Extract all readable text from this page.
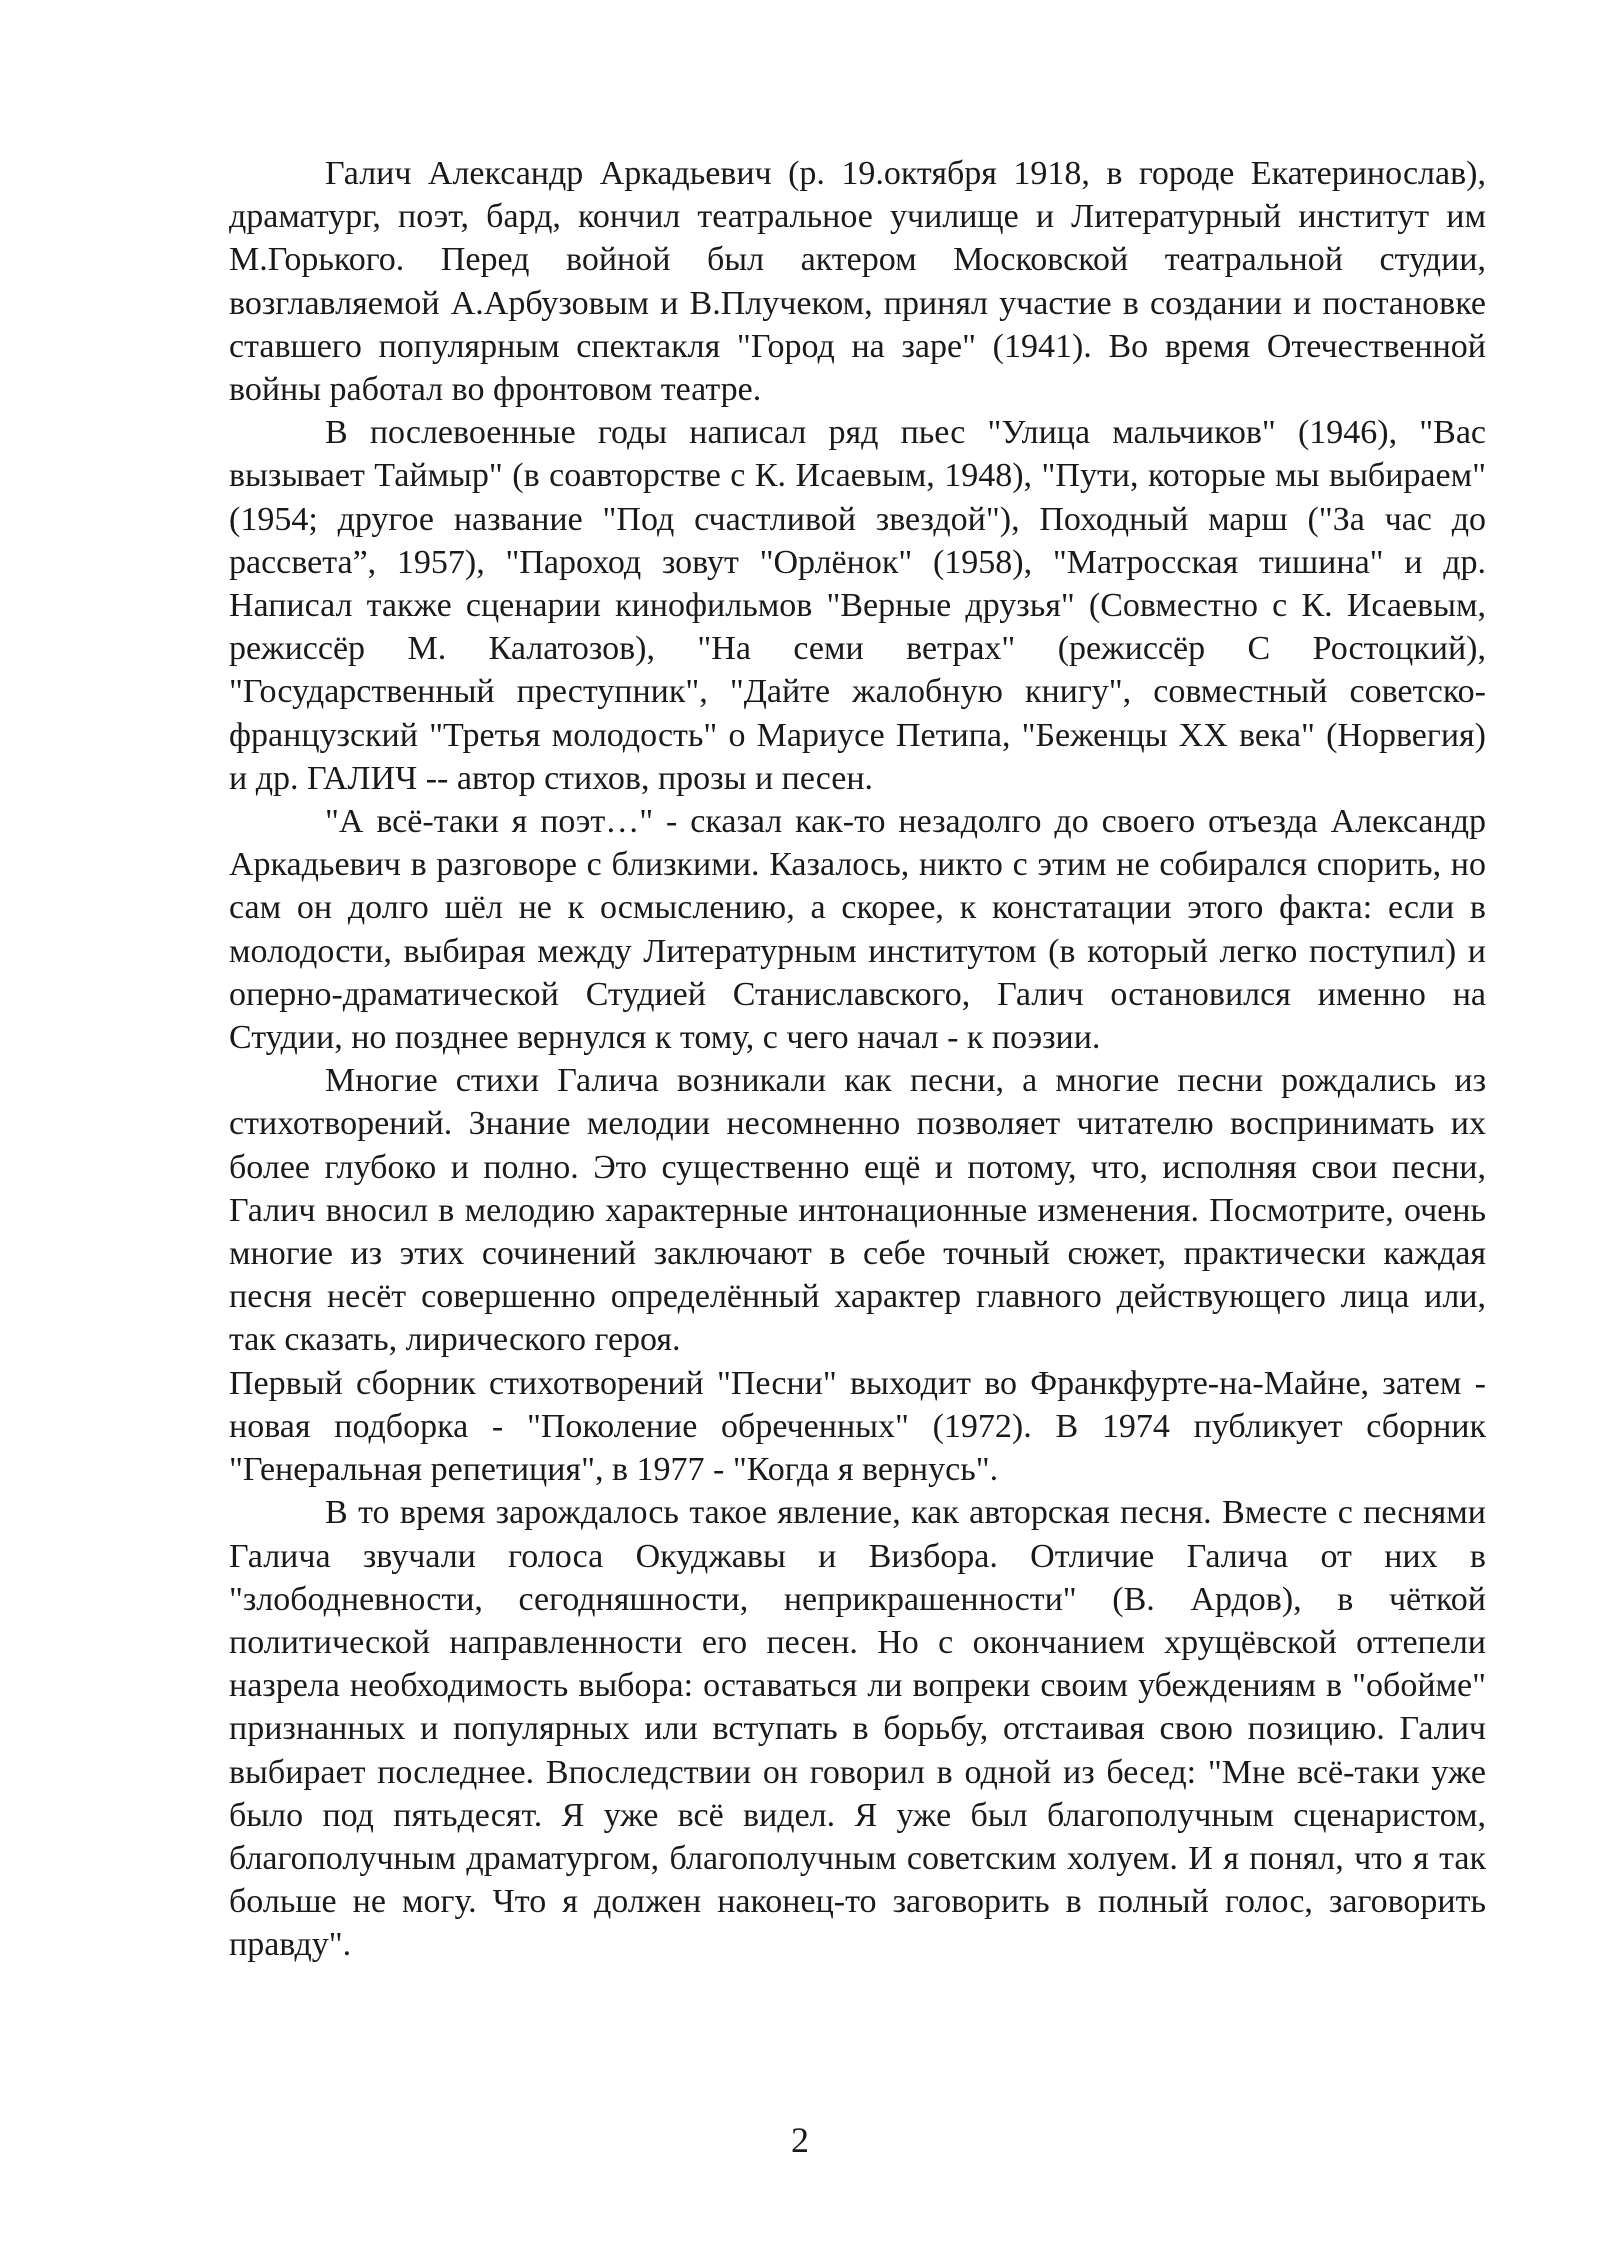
Галич Александр Аркадьевич (р. 19.октября 1918, в городе Екатеринослав), драматург, поэт, бард, кончил театральное училище и Литературный институт им М.Горького. Перед войной был актером Московской театральной студии, возглавляемой А.Арбузовым и В.Плучеком, принял участие в создании и постановке ставшего популярным спектакля "Город на заре" (1941). Во время Отечественной войны работал во фронтовом театре.

В послевоенные годы написал ряд пьес "Улица мальчиков" (1946), "Вас вызывает Таймыр" (в соавторстве с К. Исаевым, 1948), "Пути, которые мы выбираем"(1954; другое название "Под счастливой звездой"), Походный марш ("За час до рассвета”, 1957), "Пароход зовут "Орлёнок" (1958), "Матросская тишина" и др. Написал также сценарии кинофильмов "Верные друзья" (Совместно с К. Исаевым, режиссёр М. Калатозов), "На семи ветрах" (режиссёр С Ростоцкий), "Государственный преступник", "Дайте жалобную книгу", совместный советско-французский "Третья молодость" о Мариусе Петипа, "Беженцы XX века" (Норвегия) и др. ГАЛИЧ -- автор стихов, прозы и песен.

"А всё-таки я поэт…" - сказал как-то незадолго до своего отъезда Александр Аркадьевич в разговоре с близкими. Казалось, никто с этим не собирался спорить, но сам он долго шёл не к осмыслению, а скорее, к констатации этого факта: если в молодости, выбирая между Литературным институтом (в который легко поступил) и оперно-драматической Студией Станиславского, Галич остановился именно на Студии, но позднее вернулся к тому, с чего начал - к поэзии.

Многие стихи Галича возникали как песни, а многие песни рождались из стихотворений. Знание мелодии несомненно позволяет читателю воспринимать их более глубоко и полно. Это существенно ещё и потому, что, исполняя свои песни, Галич вносил в мелодию характерные интонационные изменения. Посмотрите, очень многие из этих сочинений заключают в себе точный сюжет, практически каждая песня несёт совершенно определённый характер главного действующего лица или, так сказать, лирического героя.

Первый сборник стихотворений "Песни" выходит во Франкфурте-на-Майне, затем - новая подборка - "Поколение обреченных" (1972). В 1974 публикует сборник "Генеральная репетиция", в 1977 - "Когда я вернусь".

В то время зарождалось такое явление, как авторская песня. Вместе с песнями Галича звучали голоса Окуджавы и Визбора. Отличие Галича от них в "злободневности, сегодняшности, неприкрашенности" (В. Ардов), в чёткой политической направленности его песен. Но с окончанием хрущёвской оттепели назрела необходимость выбора: оставаться ли вопреки своим убеждениям в "обойме" признанных и популярных или вступать в борьбу, отстаивая свою позицию. Галич выбирает последнее. Впоследствии он говорил в одной из бесед: "Мне всё-таки уже было под пятьдесят. Я уже всё видел. Я уже был благополучным сценаристом, благополучным драматургом, благополучным советским холуем. И я понял, что я так больше не могу. Что я должен наконец-то заговорить в полный голос, заговорить правду".

2
